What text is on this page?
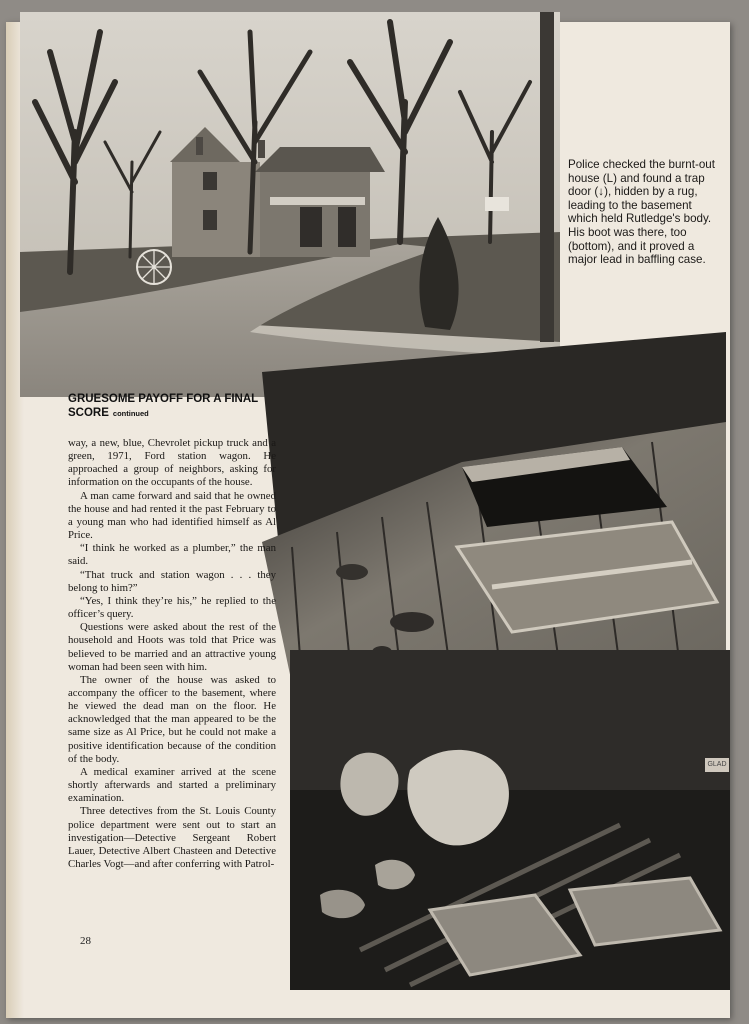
Police checked the burnt-out house (L) and found a trap door (↓), hidden by a rug, leading to the basement which held Rutledge's body. His boot was there, too (bottom), and it proved a major lead in baffling case.
GRUESOME PAYOFF FOR A FINAL SCORE continued

way, a new, blue, Chevrolet pickup truck and a green, 1971, Ford station wagon. He approached a group of neighbors, asking for information on the occupants of the house.

A man came forward and said that he owned the house and had rented it the past February to a young man who had identified himself as Al Price.

“I think he worked as a plumber,” the man said.

“That truck and station wagon . . . they belong to him?”

“Yes, I think they’re his,” he replied to the officer’s query.

Questions were asked about the rest of the household and Hoots was told that Price was believed to be married and an attractive young woman had been seen with him.

The owner of the house was asked to accompany the officer to the basement, where he viewed the dead man on the floor. He acknowledged that the man appeared to be the same size as Al Price, but he could not make a positive identification because of the condition of the body.

A medical examiner arrived at the scene shortly afterwards and started a preliminary examination.

Three detectives from the St. Louis County police department were sent out to start an investigation—Detective Sergeant Robert Lauer, Detective Albert Chasteen and Detective Charles Vogt—and after conferring with Patrol-

28
GLAD
